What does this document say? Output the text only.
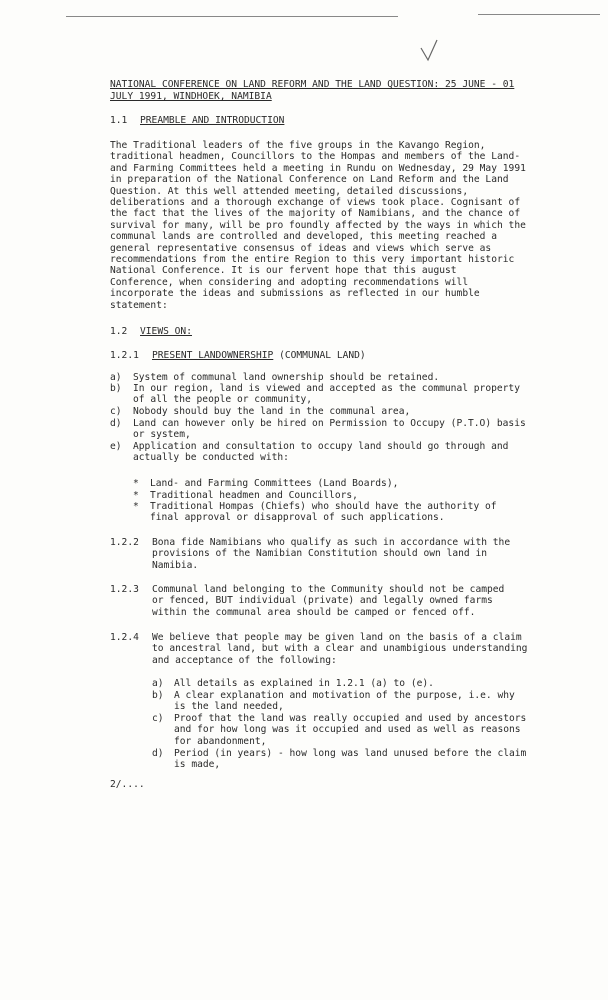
NATIONAL CONFERENCE ON LAND REFORM AND THE LAND QUESTION: 25 JUNE - 01
JULY 1991, WINDHOEK, NAMIBIA
1.1 PREAMBLE AND INTRODUCTION
The Traditional leaders of the five groups in the Kavango Region,
traditional headmen, Councillors to the Hompas and members of the Land-
and Farming Committees held a meeting in Rundu on Wednesday, 29 May 1991
in preparation of the National Conference on Land Reform and the Land
Question. At this well attended meeting, detailed discussions,
deliberations and a thorough exchange of views took place. Cognisant of
the fact that the lives of the majority of Namibians, and the chance of
survival for many, will be pro foundly affected by the ways in which the
communal lands are controlled and developed, this meeting reached a
general representative consensus of ideas and views which serve as
recommendations from the entire Region to this very important historic
National Conference. It is our fervent hope that this august
Conference, when considering and adopting recommendations will
incorporate the ideas and submissions as reflected in our humble
statement:
1.2 VIEWS ON:
1.2.1 PRESENT LANDOWNERSHIP (COMMUNAL LAND)
a) System of communal land ownership should be retained.
b) In our region, land is viewed and accepted as the communal property
of all the people or community,
c) Nobody should buy the land in the communal area,
d) Land can however only be hired on Permission to Occupy (P.T.O) basis
or system,
e) Application and consultation to occupy land should go through and
actually be conducted with:
* Land- and Farming Committees (Land Boards),
* Traditional headmen and Councillors,
* Traditional Hompas (Chiefs) who should have the authority of
final approval or disapproval of such applications.
1.2.2 Bona fide Namibians who qualify as such in accordance with the
provisions of the Namibian Constitution should own land in
Namibia.
1.2.3 Communal land belonging to the Community should not be camped
or fenced, BUT individual (private) and legally owned farms
within the communal area should be camped or fenced off.
1.2.4 We believe that people may be given land on the basis of a claim
to ancestral land, but with a clear and unambigious understanding
and acceptance of the following:
a) All details as explained in 1.2.1 (a) to (e).
b) A clear explanation and motivation of the purpose, i.e. why
is the land needed,
c) Proof that the land was really occupied and used by ancestors
and for how long was it occupied and used as well as reasons
for abandonment,
d) Period (in years) - how long was land unused before the claim
is made,
2/....
